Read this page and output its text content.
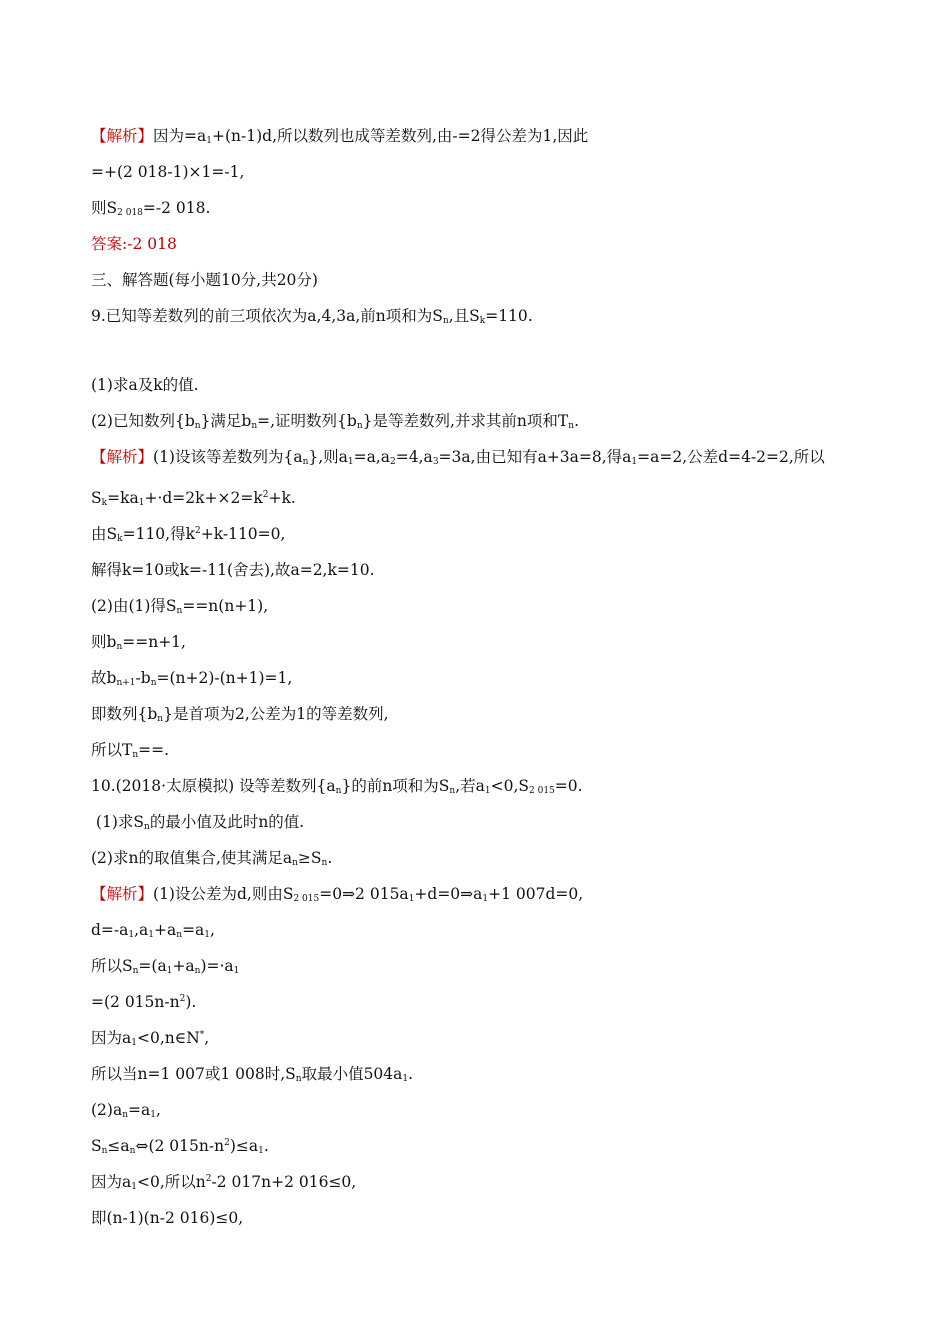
【解析】因为$=a_1+(n-1)d$,所以数列也成等差数列,由-=2得公差为1,因此
=+(2 018-1)×1=-1,
则$S_{2 018}=-2$ 018.
答案:-2 018
三、解答题(每小题10分,共20分)
9.已知等差数列的前三项依次为a,4,3a,前n项和为$S_n$,且$S_k=110$.
(1)求a及k的值.
(2)已知数列$\{b_n\}$满足$b_n=$,证明数列$\{b_n\}$是等差数列,并求其前n项和$T_n$.
【解析】(1)设该等差数列为$\{a_n\}$,则$a_1=a,a_2=4,a_3=3a$,由已知有a+3a=8,得$a_1=a=2$,公差d=4-2=2,所以
$S_k=ka_1+\cdot d=2k+\times 2=k^2+k$.
由$S_k=110$,得$k^2+k-110=0$,
解得k=10或k=-11(舍去),故a=2,k=10.
(2)由(1)得$S_n==n(n+1)$,
则$b_n==n+1$,
故$b_{n+1}-b_n=(n+2)-(n+1)=1$,
即数列$\{b_n\}$是首项为2,公差为1的等差数列,
所以$T_n==$.
10.(2018·太原模拟) 设等差数列$\{a_n\}$的前n项和为$S_n$,若$a_1<0,S_{2 015}=0$.
(1)求$S_n$的最小值及此时n的值.
(2)求n的取值集合,使其满足$a_n\ge S_n$.
【解析】(1)设公差为d,则由$S_{2 015}=0\Rightarrow 2$ $015a_1+d=0\Rightarrow a_1+1$ 007d=0,
$d=-a_1,a_1+a_n=a_1$,
所以$S_n=(a_1+a_n)=\cdot a_1$
=(2 $015n-n^2$).
因为$a_1<0,n\in N^*$,
所以当n=1 007或1 008时$,S_n$取最小值$504a_1$.
$(2)a_n=a_1$,
$S_n\le a_n\Leftrightarrow(2$ $015n-n^2)\le a_1$.
因为$a_1<0$,所以$n^2-2$ 017n+2 016≤0,
即(n-1)(n-2 016)≤0,
